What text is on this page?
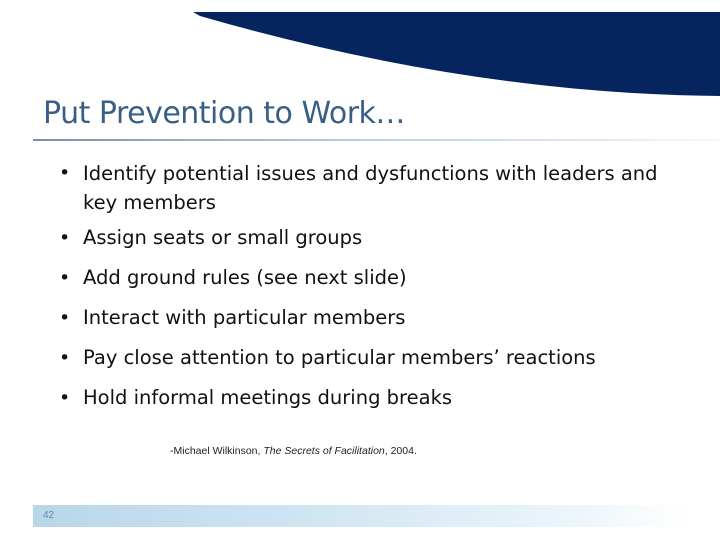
Put Prevention to Work…
• Identify potential issues and dysfunctions with leaders and key members
• Assign seats or small groups
• Add ground rules (see next slide)
• Interact with particular members
• Pay close attention to particular members’ reactions
• Hold informal meetings during breaks
-Michael Wilkinson, The Secrets of Facilitation, 2004.
42
